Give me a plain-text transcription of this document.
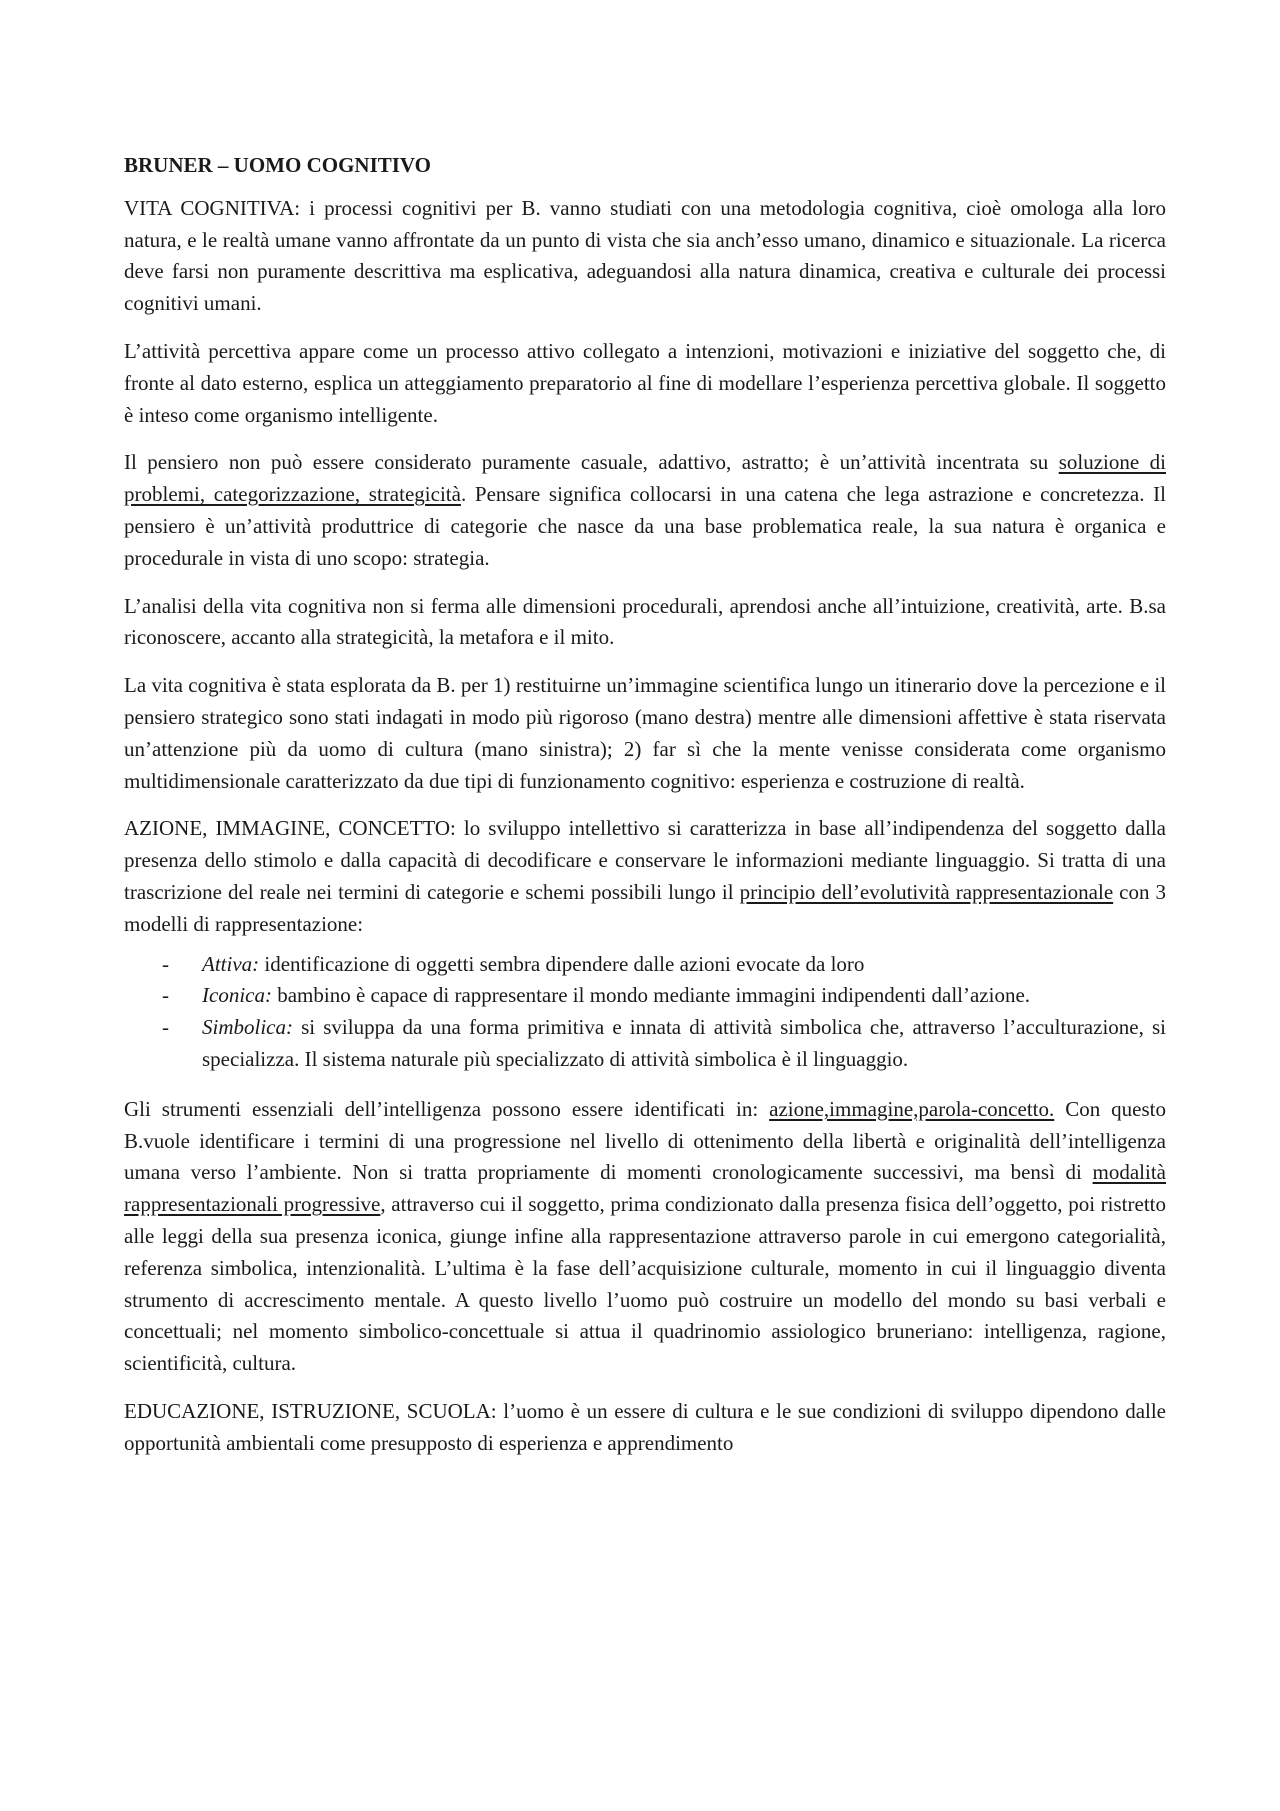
BRUNER – UOMO COGNITIVO

VITA COGNITIVA: i processi cognitivi per B. vanno studiati con una metodologia cognitiva, cioè omologa alla loro natura, e le realtà umane vanno affrontate da un punto di vista che sia anch’esso umano, dinamico e situazionale. La ricerca deve farsi non puramente descrittiva ma esplicativa, adeguandosi alla natura dinamica, creativa e culturale dei processi cognitivi umani.

L’attività percettiva appare come un processo attivo collegato a intenzioni, motivazioni e iniziative del soggetto che, di fronte al dato esterno, esplica un atteggiamento preparatorio al fine di modellare l’esperienza percettiva globale. Il soggetto è inteso come organismo intelligente.

Il pensiero non può essere considerato puramente casuale, adattivo, astratto; è un’attività incentrata su soluzione di problemi, categorizzazione, strategicità. Pensare significa collocarsi in una catena che lega astrazione e concretezza. Il pensiero è un’attività produttrice di categorie che nasce da una base problematica reale, la sua natura è organica e procedurale in vista di uno scopo: strategia.

L’analisi della vita cognitiva non si ferma alle dimensioni procedurali, aprendosi anche all’intuizione, creatività, arte. B.sa riconoscere, accanto alla strategicità, la metafora e il mito.

La vita cognitiva è stata esplorata da B. per 1) restituirne un’immagine scientifica lungo un itinerario dove la percezione e il pensiero strategico sono stati indagati in modo più rigoroso (mano destra) mentre alle dimensioni affettive è stata riservata un’attenzione più da uomo di cultura (mano sinistra); 2) far sì che la mente venisse considerata come organismo multidimensionale caratterizzato da due tipi di funzionamento cognitivo: esperienza e costruzione di realtà.

AZIONE, IMMAGINE, CONCETTO: lo sviluppo intellettivo si caratterizza in base all’indipendenza del soggetto dalla presenza dello stimolo e dalla capacità di decodificare e conservare le informazioni mediante linguaggio. Si tratta di una trascrizione del reale nei termini di categorie e schemi possibili lungo il principio dell’evolutività rappresentazionale con 3 modelli di rappresentazione:

- Attiva: identificazione di oggetti sembra dipendere dalle azioni evocate da loro
- Iconica: bambino è capace di rappresentare il mondo mediante immagini indipendenti dall’azione.
- Simbolica: si sviluppa da una forma primitiva e innata di attività simbolica che, attraverso l’acculturazione, si specializza. Il sistema naturale più specializzato di attività simbolica è il linguaggio.

Gli strumenti essenziali dell’intelligenza possono essere identificati in: azione,immagine,parola-concetto. Con questo B.vuole identificare i termini di una progressione nel livello di ottenimento della libertà e originalità dell’intelligenza umana verso l’ambiente. Non si tratta propriamente di momenti cronologicamente successivi, ma bensì di modalità rappresentazionali progressive, attraverso cui il soggetto, prima condizionato dalla presenza fisica dell’oggetto, poi ristretto alle leggi della sua presenza iconica, giunge infine alla rappresentazione attraverso parole in cui emergono categorialità, referenza simbolica, intenzionalità. L’ultima è la fase dell’acquisizione culturale, momento in cui il linguaggio diventa strumento di accrescimento mentale. A questo livello l’uomo può costruire un modello del mondo su basi verbali e concettuali; nel momento simbolico-concettuale si attua il quadrinomio assiologico bruneriano: intelligenza, ragione, scientificità, cultura.

EDUCAZIONE, ISTRUZIONE, SCUOLA: l’uomo è un essere di cultura e le sue condizioni di sviluppo dipendono dalle opportunità ambientali come presupposto di esperienza e apprendimento
